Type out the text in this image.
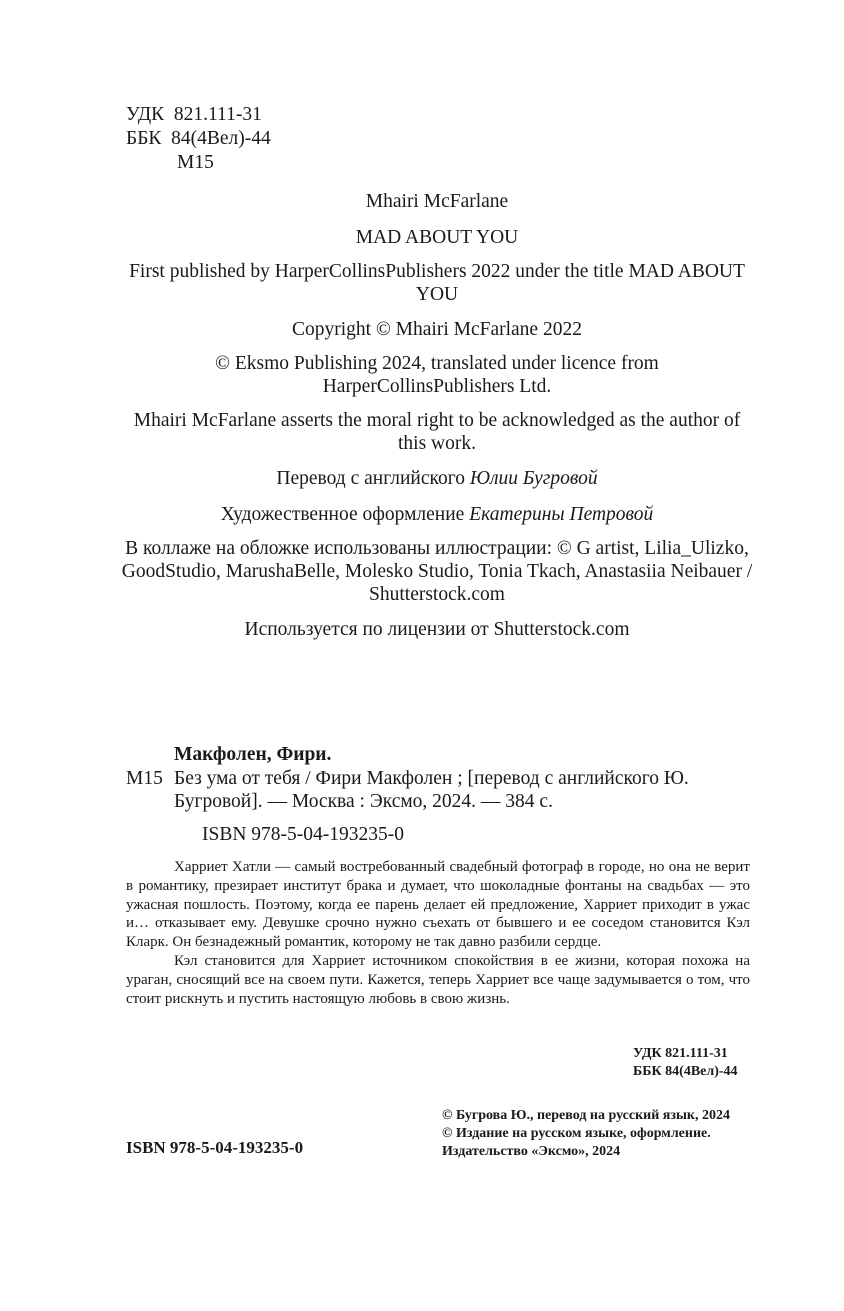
УДК 821.111-31
ББК 84(4Вел)-44
М15
Mhairi McFarlane
MAD ABOUT YOU
First published by HarperCollinsPublishers 2022 under the title MAD ABOUT YOU
Copyright © Mhairi McFarlane 2022
© Eksmo Publishing 2024, translated under licence from HarperCollinsPublishers Ltd.
Mhairi McFarlane asserts the moral right to be acknowledged as the author of this work.
Перевод с английского Юлии Бугровой
Художественное оформление Екатерины Петровой
В коллаже на обложке использованы иллюстрации: © G artist, Lilia_Ulizko, GoodStudio, MarushaBelle, Molesko Studio, Tonia Tkach, Anastasiia Neibauer / Shutterstock.com
Используется по лицензии от Shutterstock.com
Макфолен, Фири.
М15 Без ума от тебя / Фири Макфолен ; [перевод с английского Ю. Бугровой]. — Москва : Эксмо, 2024. — 384 с.
ISBN 978-5-04-193235-0

Харриет Хатли — самый востребованный свадебный фотограф в городе, но она не верит в романтику, презирает институт брака и думает, что шоколадные фонтаны на свадьбах — это ужасная пошлость. Поэтому, когда ее парень делает ей предложение, Харриет приходит в ужас и… отказывает ему. Девушке срочно нужно съехать от бывшего и ее соседом становится Кэл Кларк. Он безнадежный романтик, которому не так давно разбили сердце.

Кэл становится для Харриет источником спокойствия в ее жизни, которая похожа на ураган, сносящий все на своем пути. Кажется, теперь Харриет все чаще задумывается о том, что стоит рискнуть и пустить настоящую любовь в свою жизнь.

УДК 821.111-31
ББК 84(4Вел)-44
ISBN 978-5-04-193235-0
© Бугрова Ю., перевод на русский язык, 2024
© Издание на русском языке, оформление.
Издательство «Эксмо», 2024
